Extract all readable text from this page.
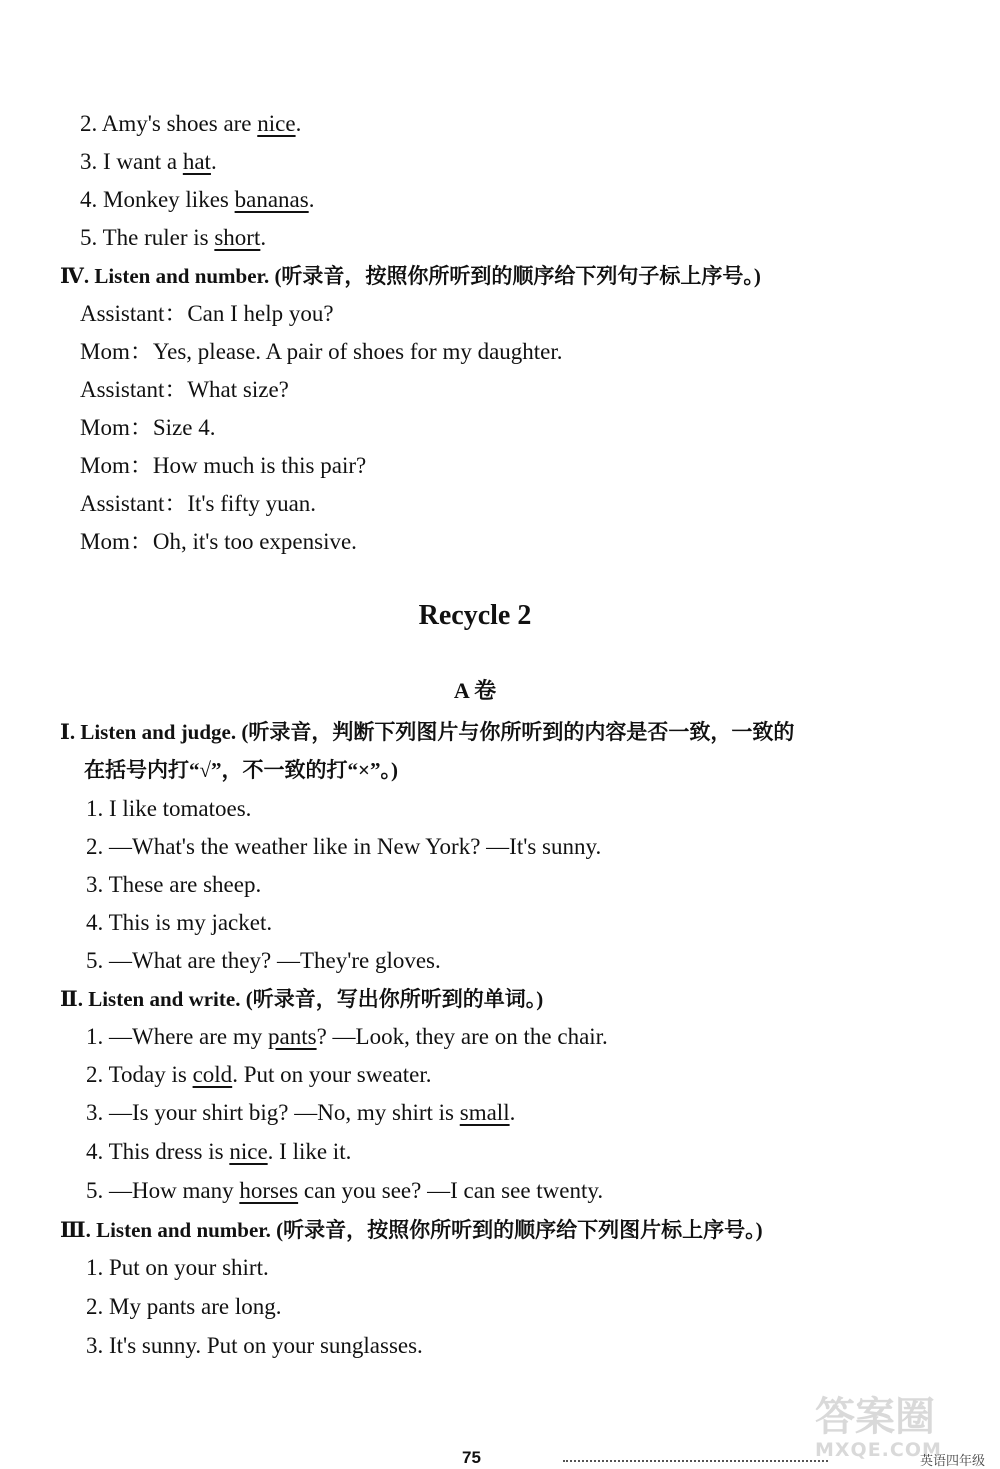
2. Amy's shoes are nice.
3. I want a hat.
4. Monkey likes bananas.
5. The ruler is short.
Ⅳ. Listen and number. (听录音，按照你所听到的顺序给下列句子标上序号。)
Assistant：Can I help you?
Mom：Yes, please. A pair of shoes for my daughter.
Assistant：What size?
Mom：Size 4.
Mom：How much is this pair?
Assistant：It's fifty yuan.
Mom：Oh, it's too expensive.
Recycle 2
A 卷
Ⅰ. Listen and judge. (听录音，判断下列图片与你所听到的内容是否一致，一致的
在括号内打“√”，不一致的打“×”。)
1. I like tomatoes.
2. —What's the weather like in New York? —It's sunny.
3. These are sheep.
4. This is my jacket.
5. —What are they? —They're gloves.
Ⅱ. Listen and write. (听录音，写出你所听到的单词。)
1. —Where are my pants? —Look, they are on the chair.
2. Today is cold. Put on your sweater.
3. —Is your shirt big? —No, my shirt is small.
4. This dress is nice. I like it.
5. —How many horses can you see? —I can see twenty.
Ⅲ. Listen and number. (听录音，按照你所听到的顺序给下列图片标上序号。)
1. Put on your shirt.
2. My pants are long.
3. It's sunny. Put on your sunglasses.
75	英语四年级
答案圈
MXQE.COM
